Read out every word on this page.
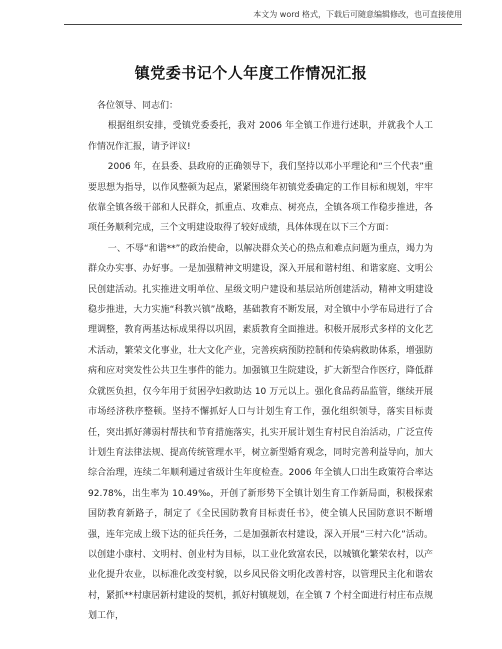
本文为 word 格式，下载后可随意编辑修改，也可直接使用
镇党委书记个人年度工作情况汇报

各位领导、同志们：

根据组织安排，受镇党委委托，我对 2006 年全镇工作进行述职，并就我个人工作情况作汇报，请予评议!

2006 年，在县委、县政府的正确领导下，我们坚持以邓小平理论和“三个代表”重要思想为指导，以作风整顿为起点，紧紧围绕年初镇党委确定的工作目标和规划，牢牢依靠全镇各级干部和人民群众，抓重点、攻难点、树亮点，全镇各项工作稳步推进，各项任务顺利完成，三个文明建设取得了较好成绩，具体体现在以下三个方面：

一、不辱“和谐**”的政治使命，以解决群众关心的热点和难点问题为重点，竭力为群众办实事、办好事。一是加强精神文明建设，深入开展和谐村组、和谐家庭、文明公民创建活动。扎实推进文明单位、星级文明户建设和基层站所创建活动，精神文明建设稳步推进，大力实施“科教兴镇”战略，基础教育不断发展，对全镇中小学布局进行了合理调整，教育两基达标成果得以巩固，素质教育全面推进。积极开展形式多样的文化艺术活动，繁荣文化事业，壮大文化产业，完善疾病预防控制和传染病救助体系，增强防病和应对突发性公共卫生事件的能力。加强镇卫生院建设，扩大新型合作医疗，降低群众就医负担，仅今年用于贫困孕妇救助达 10 万元以上。强化食品药品监管，继续开展市场经济秩序整顿。坚持不懈抓好人口与计划生育工作，强化组织领导，落实目标责任，突出抓好薄弱村帮扶和节育措施落实，扎实开展计划生育村民自治活动，广泛宣传计划生育法律法规、提高传统管理水平，树立新型婚育观念，同时完善利益导向，加大综合治理，连续二年顺利通过省级计生年度检查。2006 年全镇人口出生政策符合率达 92.78%，出生率为 10.49‰，开创了新形势下全镇计划生育工作新局面，积极探索国防教育新路子，制定了《全民国防教育目标责任书》，使全镇人民国防意识不断增强，连年完成上级下达的征兵任务，二是加强新农村建设，深入开展“三村六化”活动。以创建小康村、文明村、创业村为目标，以工业化致富农民，以城镇化繁荣农村，以产业化提升农业，以标准化改变村貌，以乡风民俗文明化改善村容，以管理民主化和谐农村，紧抓**村康居新村建设的契机，抓好村镇规划，在全镇 7 个村全面进行村庄布点规划工作，
